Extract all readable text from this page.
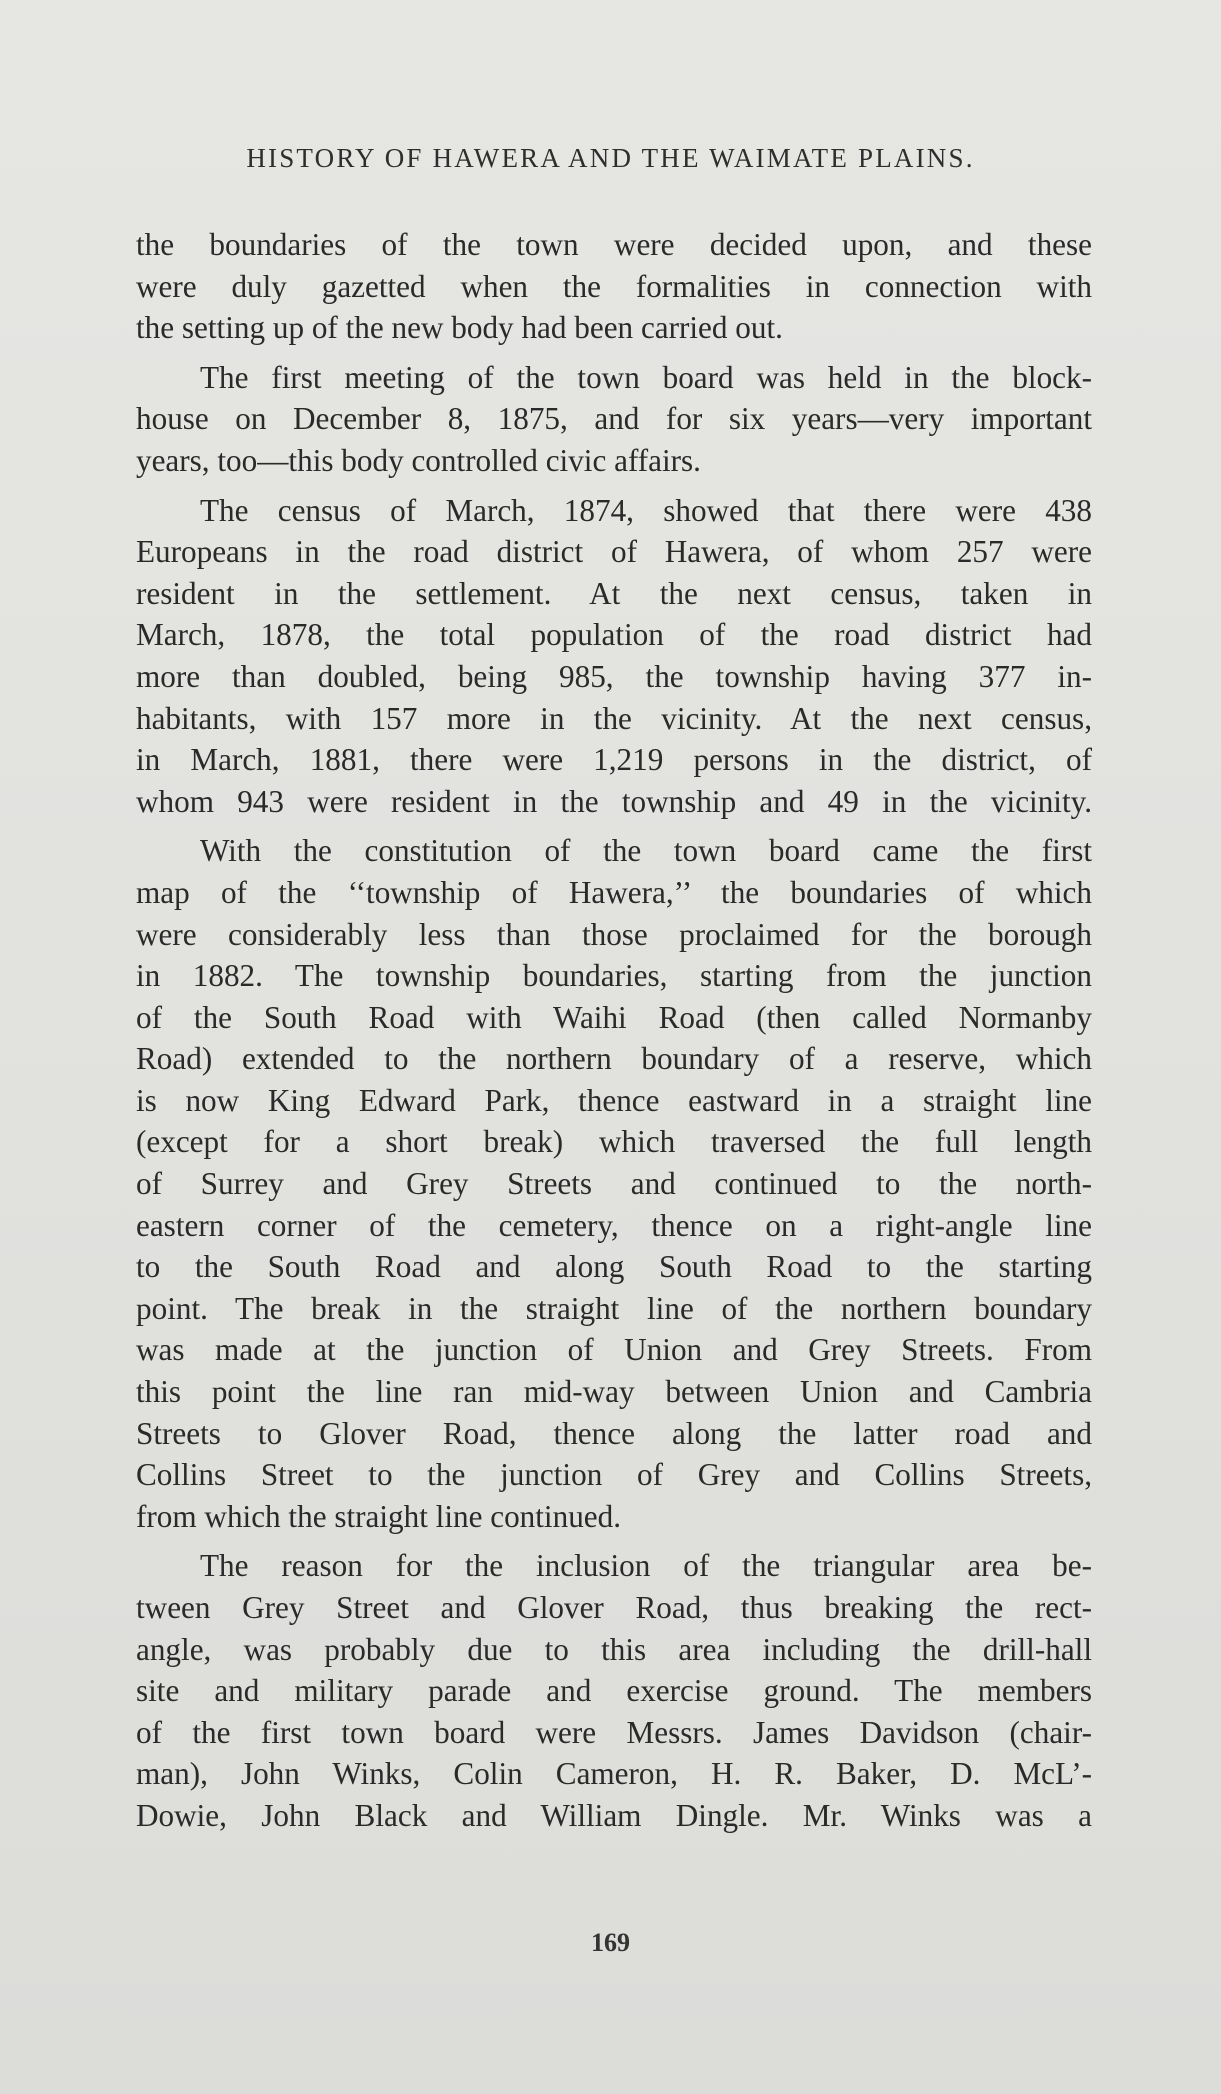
HISTORY OF HAWERA AND THE WAIMATE PLAINS.
the boundaries of the town were decided upon, and these
were duly gazetted when the formalities in connection with
the setting up of the new body had been carried out.
The first meeting of the town board was held in the block-
house on December 8, 1875, and for six years—very important
years, too—this body controlled civic affairs.
The census of March, 1874, showed that there were 438
Europeans in the road district of Hawera, of whom 257 were
resident in the settlement. At the next census, taken in
March, 1878, the total population of the road district had
more than doubled, being 985, the township having 377 in-
habitants, with 157 more in the vicinity. At the next census,
in March, 1881, there were 1,219 persons in the district, of
whom 943 were resident in the township and 49 in the vicinity.
With the constitution of the town board came the first
map of the ‘‘township of Hawera,’’ the boundaries of which
were considerably less than those proclaimed for the borough
in 1882. The township boundaries, starting from the junction
of the South Road with Waihi Road (then called Normanby
Road) extended to the northern boundary of a reserve, which
is now King Edward Park, thence eastward in a straight line
(except for a short break) which traversed the full length
of Surrey and Grey Streets and continued to the north-
eastern corner of the cemetery, thence on a right-angle line
to the South Road and along South Road to the starting
point. The break in the straight line of the northern boundary
was made at the junction of Union and Grey Streets. From
this point the line ran mid-way between Union and Cambria
Streets to Glover Road, thence along the latter road and
Collins Street to the junction of Grey and Collins Streets,
from which the straight line continued.
The reason for the inclusion of the triangular area be-
tween Grey Street and Glover Road, thus breaking the rect-
angle, was probably due to this area including the drill-hall
site and military parade and exercise ground. The members
of the first town board were Messrs. James Davidson (chair-
man), John Winks, Colin Cameron, H. R. Baker, D. McL’-
Dowie, John Black and William Dingle. Mr. Winks was a
169
